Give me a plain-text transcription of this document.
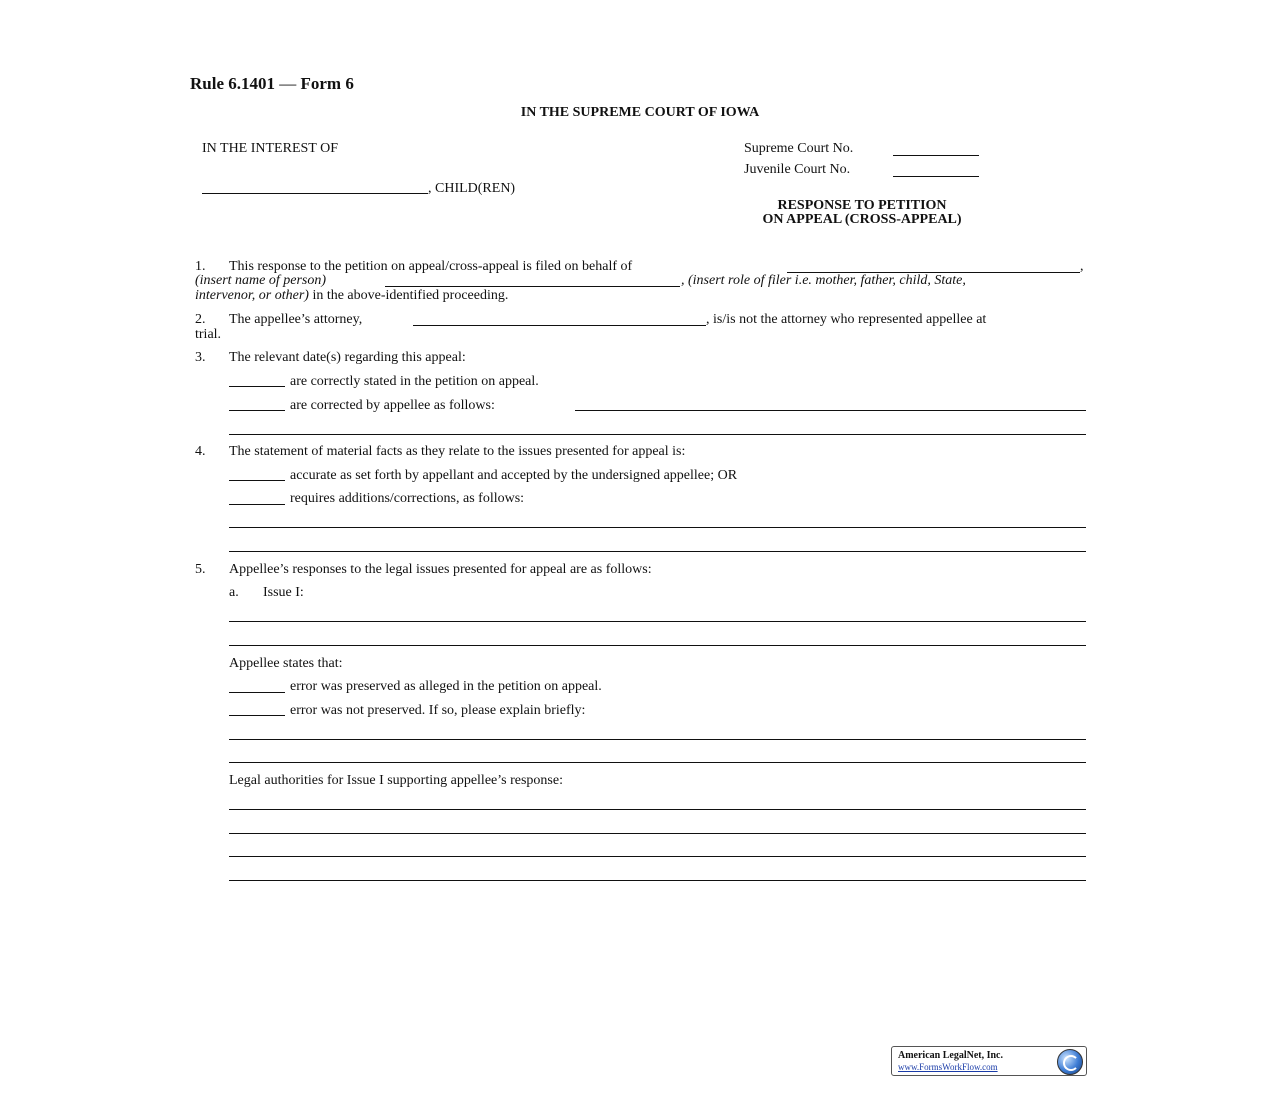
Rule 6.1401 — Form 6
IN THE SUPREME COURT OF IOWA
IN THE INTEREST OF
, CHILD(REN)
Supreme Court No.
Juvenile Court No.
RESPONSE TO PETITION
ON APPEAL (CROSS-APPEAL)
1. This response to the petition on appeal/cross-appeal is filed on behalf of	,
(insert name of person)	, (insert role of filer i.e. mother, father, child, State,
intervenor, or other) in the above-identified proceeding.
2. The appellee’s attorney,	, is/is not the attorney who represented appellee at
trial.
3. The relevant date(s) regarding this appeal:
are correctly stated in the petition on appeal.
are corrected by appellee as follows:
4. The statement of material facts as they relate to the issues presented for appeal is:
accurate as set forth by appellant and accepted by the undersigned appellee; OR
requires additions/corrections, as follows:
5. Appellee’s responses to the legal issues presented for appeal are as follows:
a. Issue I:
Appellee states that:
error was preserved as alleged in the petition on appeal.
error was not preserved. If so, please explain briefly:
Legal authorities for Issue I supporting appellee’s response:
American LegalNet, Inc.
www.FormsWorkFlow.com
